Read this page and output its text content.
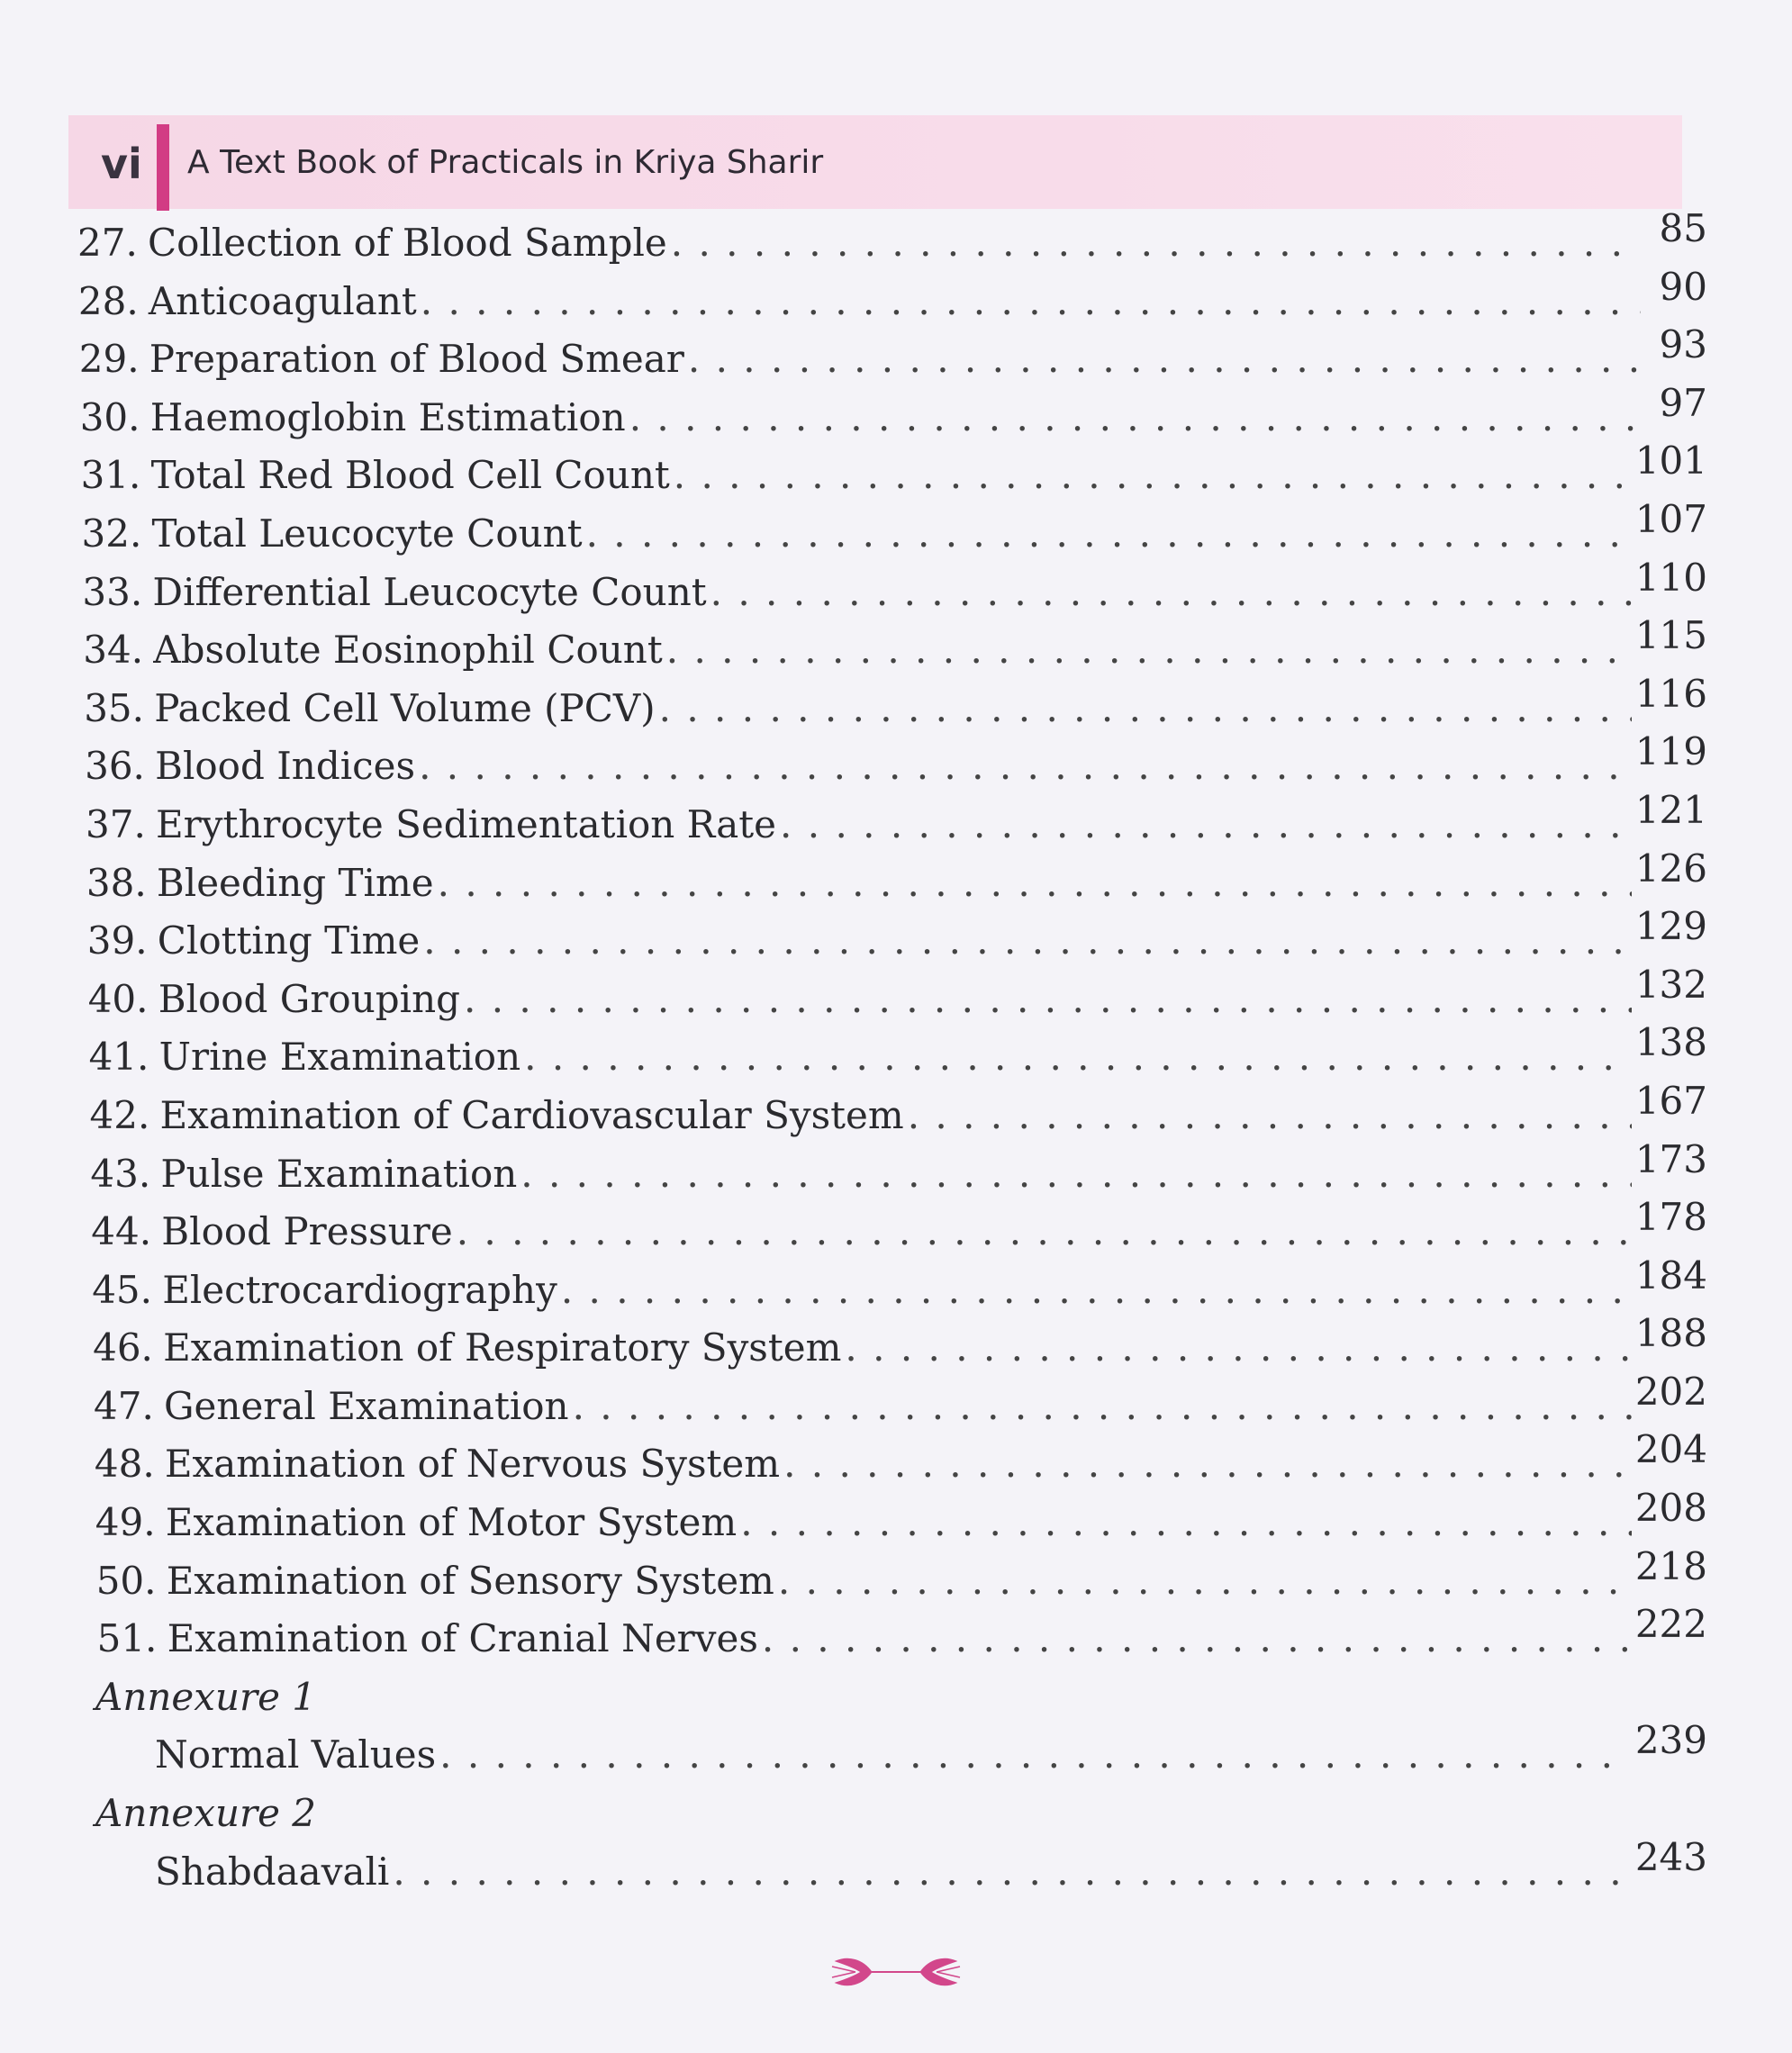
vi A Text Book of Practicals in Kriya Sharir
27. Collection of Blood Sample . . .	85
28. Anticoagulant . . .	90
29. Preparation of Blood Smear . . .	93
30. Haemoglobin Estimation . . .	97
31. Total Red Blood Cell Count . . .	101
32. Total Leucocyte Count . . .	107
33. Differential Leucocyte Count . . .	110
34. Absolute Eosinophil Count . . .	115
35. Packed Cell Volume (PCV) . . .	116
36. Blood Indices . . .	119
37. Erythrocyte Sedimentation Rate . . .	121
38. Bleeding Time . . .	126
39. Clotting Time . . .	129
40. Blood Grouping . . .	132
41. Urine Examination . . .	138
42. Examination of Cardiovascular System . . .	167
43. Pulse Examination . . .	173
44. Blood Pressure . . .	178
45. Electrocardiography . . .	184
46. Examination of Respiratory System . . .	188
47. General Examination . . .	202
48. Examination of Nervous System . . .	204
49. Examination of Motor System . . .	208
50. Examination of Sensory System . . .	218
51. Examination of Cranial Nerves . . .	222
Annexure 1
Normal Values . . .	239
Annexure 2
Shabdaavali . . .	243
